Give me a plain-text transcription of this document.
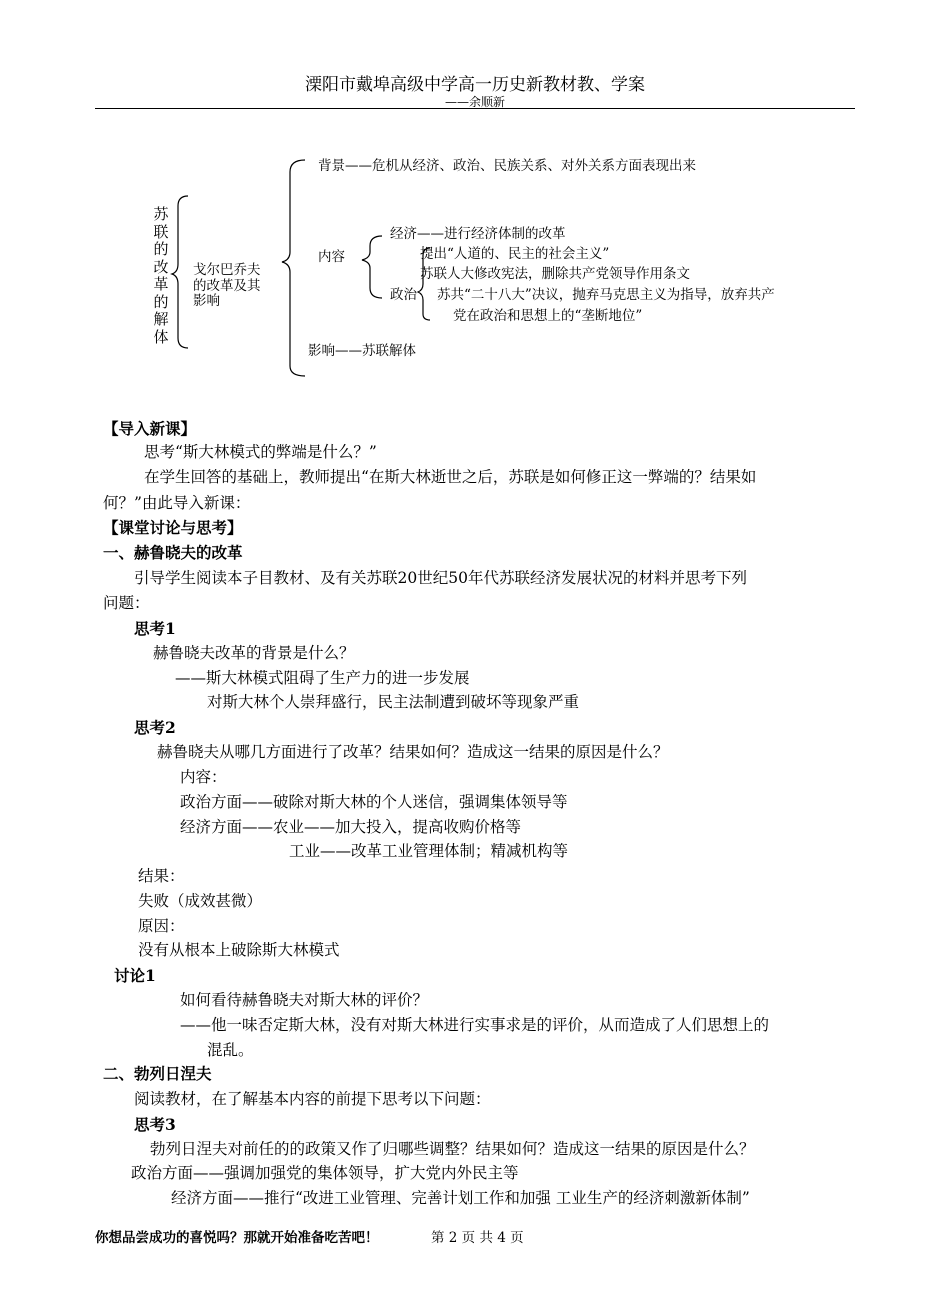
溧阳市戴埠高级中学高一历史新教材教、学案
——余顺新
苏联的改革的解体
戈尔巴乔夫
的改革及其
影响
背景——危机从经济、政治、民族关系、对外关系方面表现出来
内容
经济——进行经济体制的改革
政治
提出“人道的、民主的社会主义”
苏联人大修改宪法，删除共产党领导作用条文
苏共“二十八大”决议，抛弃马克思主义为指导，放弃共产
党在政治和思想上的“垄断地位”
影响——苏联解体
【导入新课】
思考“斯大林模式的弊端是什么？”
在学生回答的基础上，教师提出“在斯大林逝世之后，苏联是如何修正这一弊端的？结果如
何？”由此导入新课：
【课堂讨论与思考】
一、赫鲁晓夫的改革
引导学生阅读本子目教材、及有关苏联20世纪50年代苏联经济发展状况的材料并思考下列
问题：
思考1
赫鲁晓夫改革的背景是什么？
——斯大林模式阻碍了生产力的进一步发展
对斯大林个人崇拜盛行，民主法制遭到破坏等现象严重
思考2
赫鲁晓夫从哪几方面进行了改革？结果如何？造成这一结果的原因是什么？
内容：
政治方面——破除对斯大林的个人迷信，强调集体领导等
经济方面——农业——加大投入，提高收购价格等
工业——改革工业管理体制；精减机构等
结果：
失败（成效甚微）
原因：
没有从根本上破除斯大林模式
讨论1
如何看待赫鲁晓夫对斯大林的评价？
——他一味否定斯大林，没有对斯大林进行实事求是的评价，从而造成了人们思想上的
混乱。
二、勃列日涅夫
阅读教材，在了解基本内容的前提下思考以下问题：
思考3
勃列日涅夫对前任的的政策又作了归哪些调整？结果如何？造成这一结果的原因是什么？
政治方面——强调加强党的集体领导，扩大党内外民主等
经济方面——推行“改进工业管理、完善计划工作和加强 工业生产的经济刺激新体制”
你想品尝成功的喜悦吗？那就开始准备吃苦吧！	第 2 页 共 4 页
